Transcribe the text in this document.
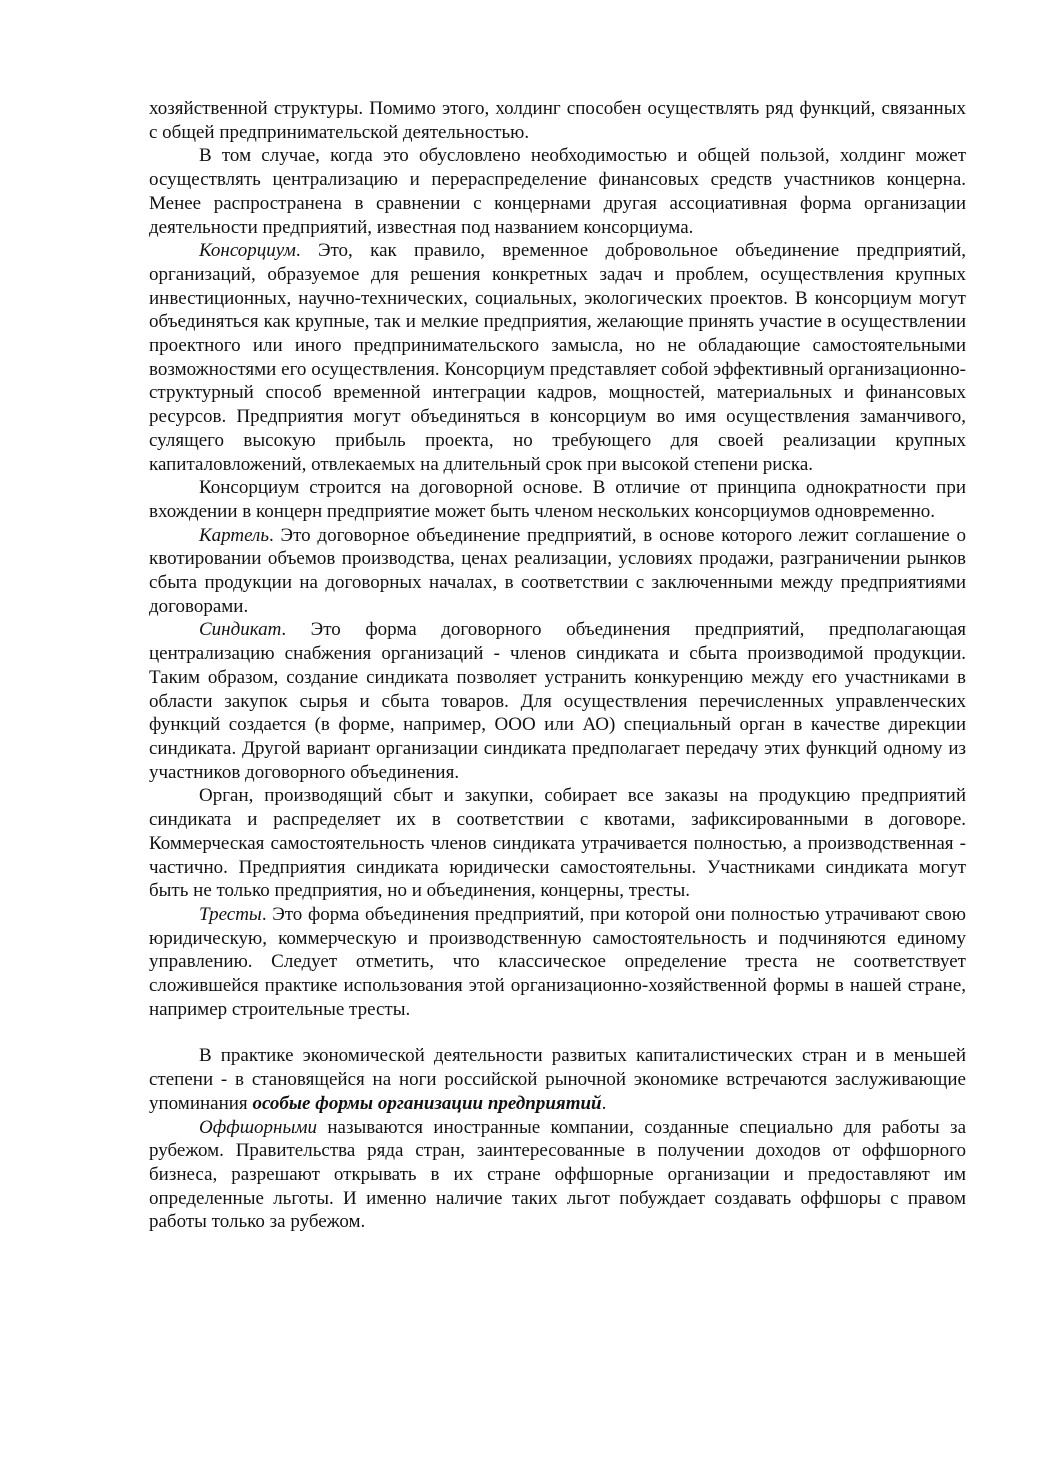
хозяйственной структуры. Помимо этого, холдинг способен осуществлять ряд функций, связанных с общей предпринимательской деятельностью.

В том случае, когда это обусловлено необходимостью и общей пользой, холдинг может осуществлять централизацию и перераспределение финансовых средств участников концерна. Менее распространена в сравнении с концернами другая ассоциативная форма организации деятельности предприятий, известная под названием консорциума.

Консорциум. Это, как правило, временное добровольное объединение предприятий, организаций, образуемое для решения конкретных задач и проблем, осуществления крупных инвестиционных, научно-технических, социальных, экологических проектов. В консорциум могут объединяться как крупные, так и мелкие предприятия, желающие принять участие в осуществлении проектного или иного предпринимательского замысла, но не обладающие самостоятельными возможностями его осуществления. Консорциум представляет собой эффективный организационно-структурный способ временной интеграции кадров, мощностей, материальных и финансовых ресурсов. Предприятия могут объединяться в консорциум во имя осуществления заманчивого, сулящего высокую прибыль проекта, но требующего для своей реализации крупных капиталовложений, отвлекаемых на длительный срок при высокой степени риска.

Консорциум строится на договорной основе. В отличие от принципа однократности при вхождении в концерн предприятие может быть членом нескольких консорциумов одновременно.

Картель. Это договорное объединение предприятий, в основе которого лежит соглашение о квотировании объемов производства, ценах реализации, условиях продажи, разграничении рынков сбыта продукции на договорных началах, в соответствии с заключенными между предприятиями договорами.

Синдикат. Это форма договорного объединения предприятий, предполагающая централизацию снабжения организаций - членов синдиката и сбыта производимой продукции. Таким образом, создание синдиката позволяет устранить конкуренцию между его участниками в области закупок сырья и сбыта товаров. Для осуществления перечисленных управленческих функций создается (в форме, например, ООО или АО) специальный орган в качестве дирекции синдиката. Другой вариант организации синдиката предполагает передачу этих функций одному из участников договорного объединения.

Орган, производящий сбыт и закупки, собирает все заказы на продукцию предприятий синдиката и распределяет их в соответствии с квотами, зафиксированными в договоре. Коммерческая самостоятельность членов синдиката утрачивается полностью, а производственная - частично. Предприятия синдиката юридически самостоятельны. Участниками синдиката могут быть не только предприятия, но и объединения, концерны, тресты.

Тресты. Это форма объединения предприятий, при которой они полностью утрачивают свою юридическую, коммерческую и производственную самостоятельность и подчиняются единому управлению. Следует отметить, что классическое определение треста не соответствует сложившейся практике использования этой организационно-хозяйственной формы в нашей стране, например строительные тресты.

В практике экономической деятельности развитых капиталистических стран и в меньшей степени - в становящейся на ноги российской рыночной экономике встречаются заслуживающие упоминания особые формы организации предприятий.

Оффшорными называются иностранные компании, созданные специально для работы за рубежом. Правительства ряда стран, заинтересованные в получении доходов от оффшорного бизнеса, разрешают открывать в их стране оффшорные организации и предоставляют им определенные льготы. И именно наличие таких льгот побуждает создавать оффшоры с правом работы только за рубежом.
